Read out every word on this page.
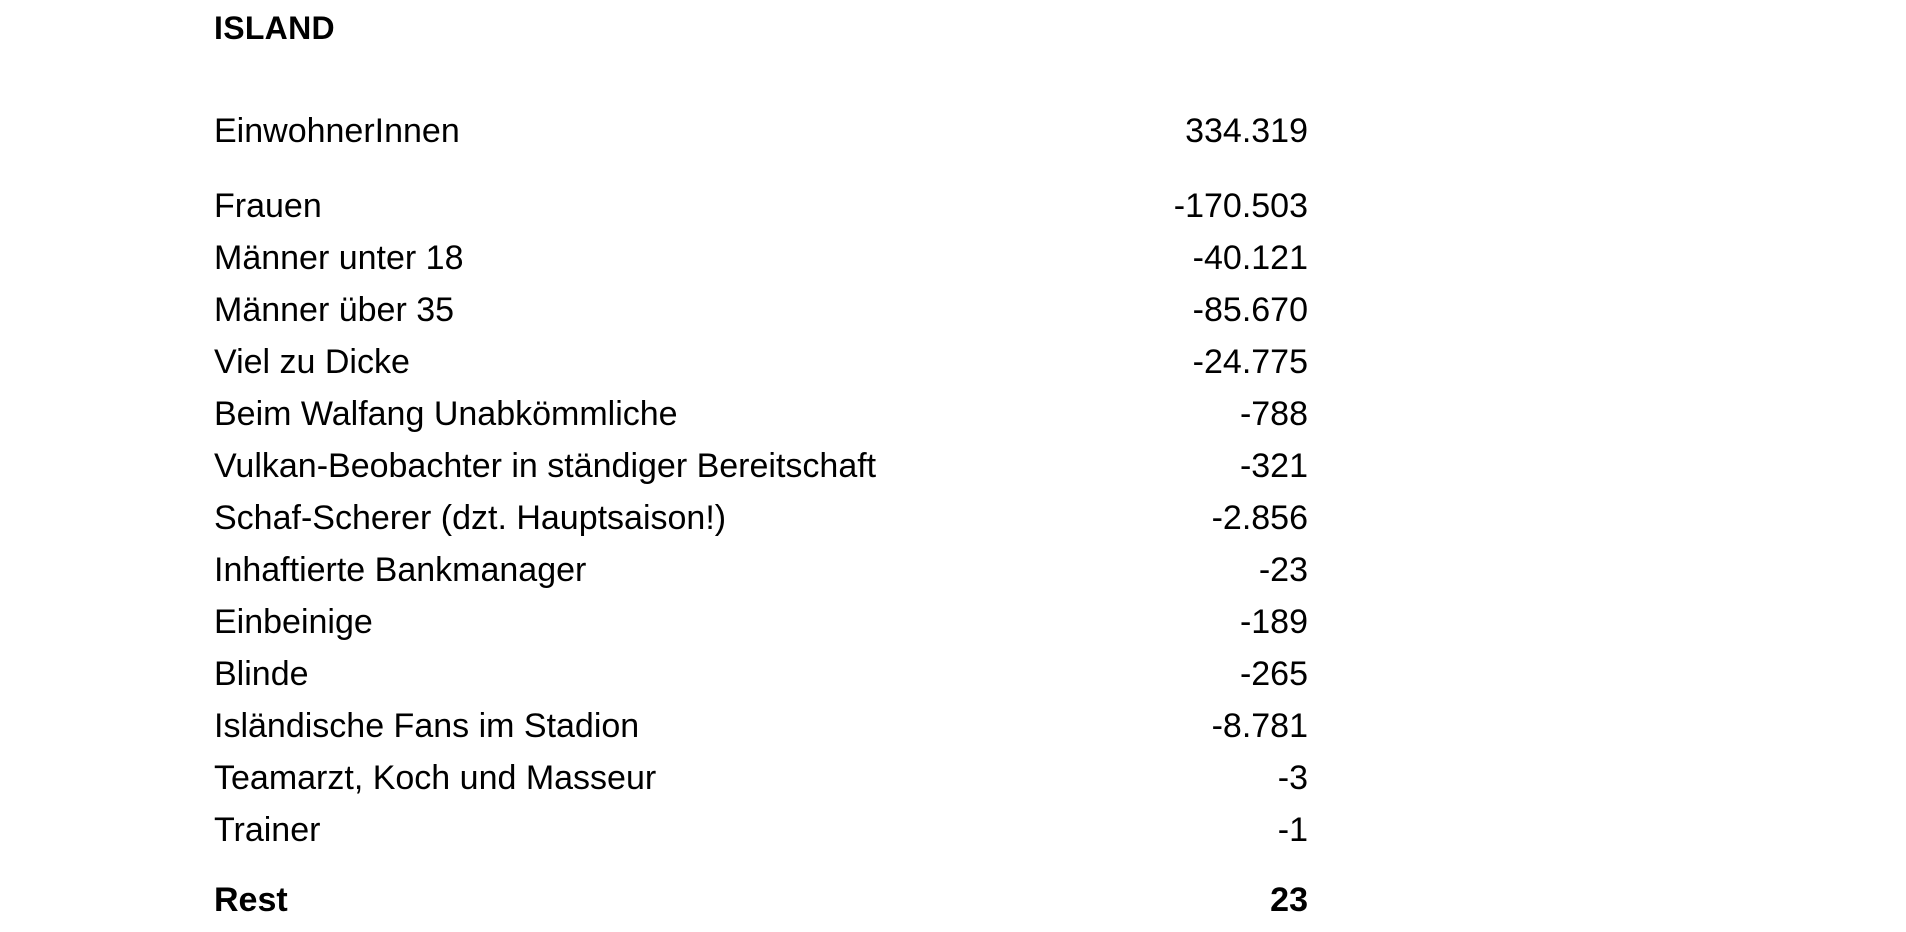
ISLAND
EinwohnerInnen	334.319
Frauen	-170.503
Männer unter 18	-40.121
Männer über 35	-85.670
Viel zu Dicke	-24.775
Beim Walfang Unabkömmliche	-788
Vulkan-Beobachter in ständiger Bereitschaft	-321
Schaf-Scherer (dzt. Hauptsaison!)	-2.856
Inhaftierte Bankmanager	-23
Einbeinige	-189
Blinde	-265
Isländische Fans im Stadion	-8.781
Teamarzt, Koch und Masseur	-3
Trainer	-1
Rest	23
